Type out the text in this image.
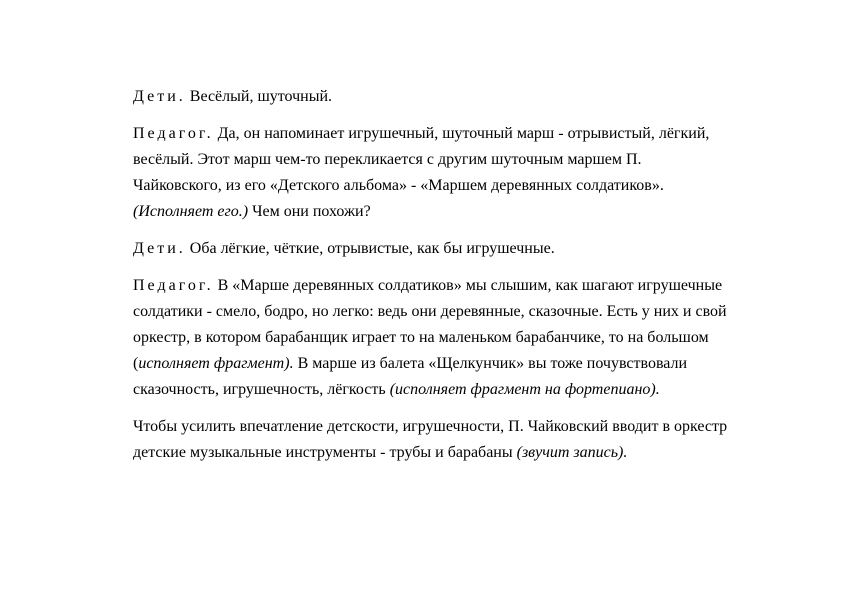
Дети. Весёлый, шуточный.

Педагог. Да, он напоминает игрушечный, шуточный марш - отрывистый, лёгкий, весёлый. Этот марш чем-то перекликается с другим шуточным маршем П. Чайковского, из его «Детского альбома» - «Маршем деревянных солдатиков». (Исполняет его.) Чем они похожи?

Дети. Оба лёгкие, чёткие, отрывистые, как бы игрушечные.

Педагог. В «Марше деревянных солдатиков» мы слышим, как шагают игрушечные солдатики - смело, бодро, но легко: ведь они деревянные, сказочные. Есть у них и свой оркестр, в котором барабанщик играет то на маленьком барабанчике, то на большом (исполняет фрагмент). В марше из балета «Щелкунчик» вы тоже почувствовали сказочность, игрушечность, лёгкость (исполняет фрагмент на фортепиано).

Чтобы усилить впечатление детскости, игрушечности, П. Чайковский вводит в оркестр детские музыкальные инструменты - трубы и барабаны (звучит запись).
